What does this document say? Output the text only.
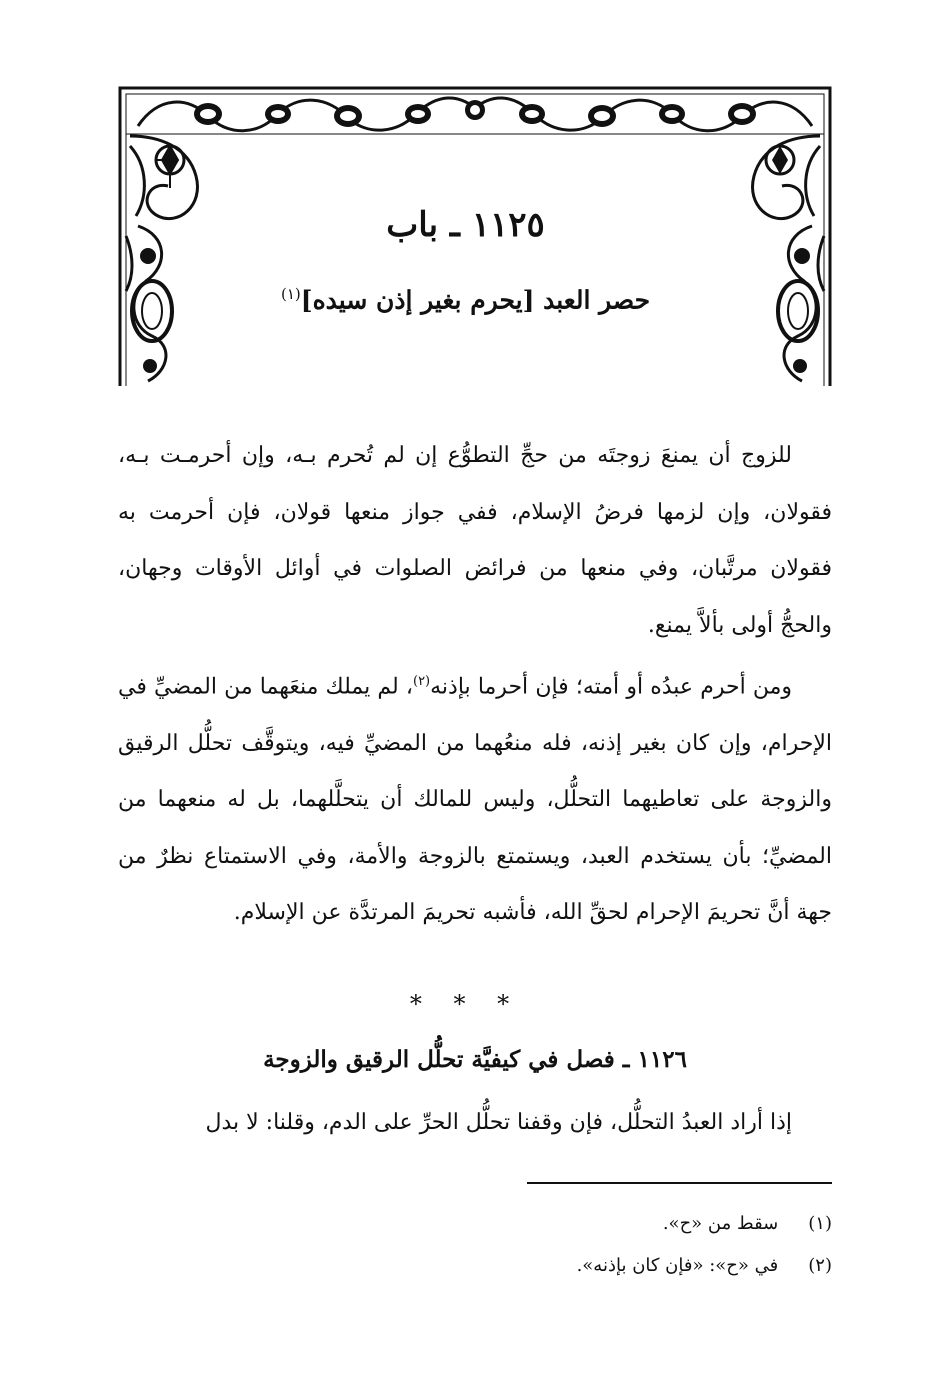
١١٢٥ ـ باب
حصر العبد [يحرم بغير إذن سيده]$^{(١)}$

للزوج أن يمنعَ زوجتَه من حجِّ التطوُّع إن لم تُحرم بـه، وإن أحرمـت بـه، فقولان، وإن لزمها فرضُ الإسلام، ففي جواز منعها قولان، فإن أحرمت به فقولان مرتَّبان، وفي منعها من فرائض الصلوات في أوائل الأوقات وجهان، والحجُّ أولى بألاَّ يمنع.

ومن أحرم عبدُه أو أمته؛ فإن أحرما بإذنه$^{(٢)}$، لم يملك منعَهما من المضيِّ في الإحرام، وإن كان بغير إذنه، فله منعُهما من المضيِّ فيه، ويتوقَّف تحلُّل الرقيق والزوجة على تعاطيهما التحلُّل، وليس للمالك أن يتحلَّلهما، بل له منعهما من المضيِّ؛ بأن يستخدم العبد، ويستمتع بالزوجة والأمة، وفي الاستمتاع نظرٌ من جهة أنَّ تحريمَ الإحرام لحقِّ الله، فأشبه تحريمَ المرتدَّة عن الإسلام.

* * *
١١٢٦ ـ فصل في كيفيَّة تحلُّل الرقيق والزوجة
إذا أراد العبدُ التحلُّل، فإن وقفنا تحلُّل الحرِّ على الدم، وقلنا: لا بدل
(١) سقط من «ح».
(٢) في «ح»: «فإن كان بإذنه».
